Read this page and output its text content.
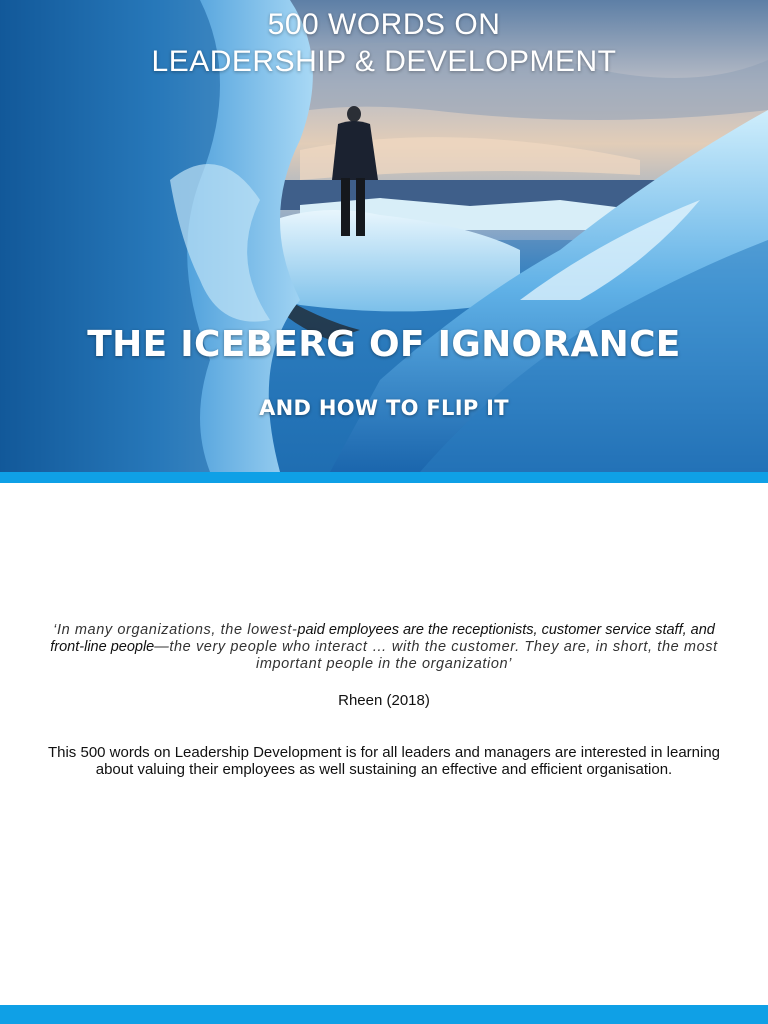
500 WORDS ON
LEADERSHIP & DEVELOPMENT
THE ICEBERG OF IGNORANCE
AND HOW TO FLIP IT
‘In many organizations, the lowest-paid employees are the receptionists, customer service staff, and front-line people—the very people who interact … with the customer. They are, in short, the most important people in the organization’
Rheen (2018)
This 500 words on Leadership Development is for all leaders and managers are interested in learning about valuing their employees as well sustaining an effective and efficient organisation.
